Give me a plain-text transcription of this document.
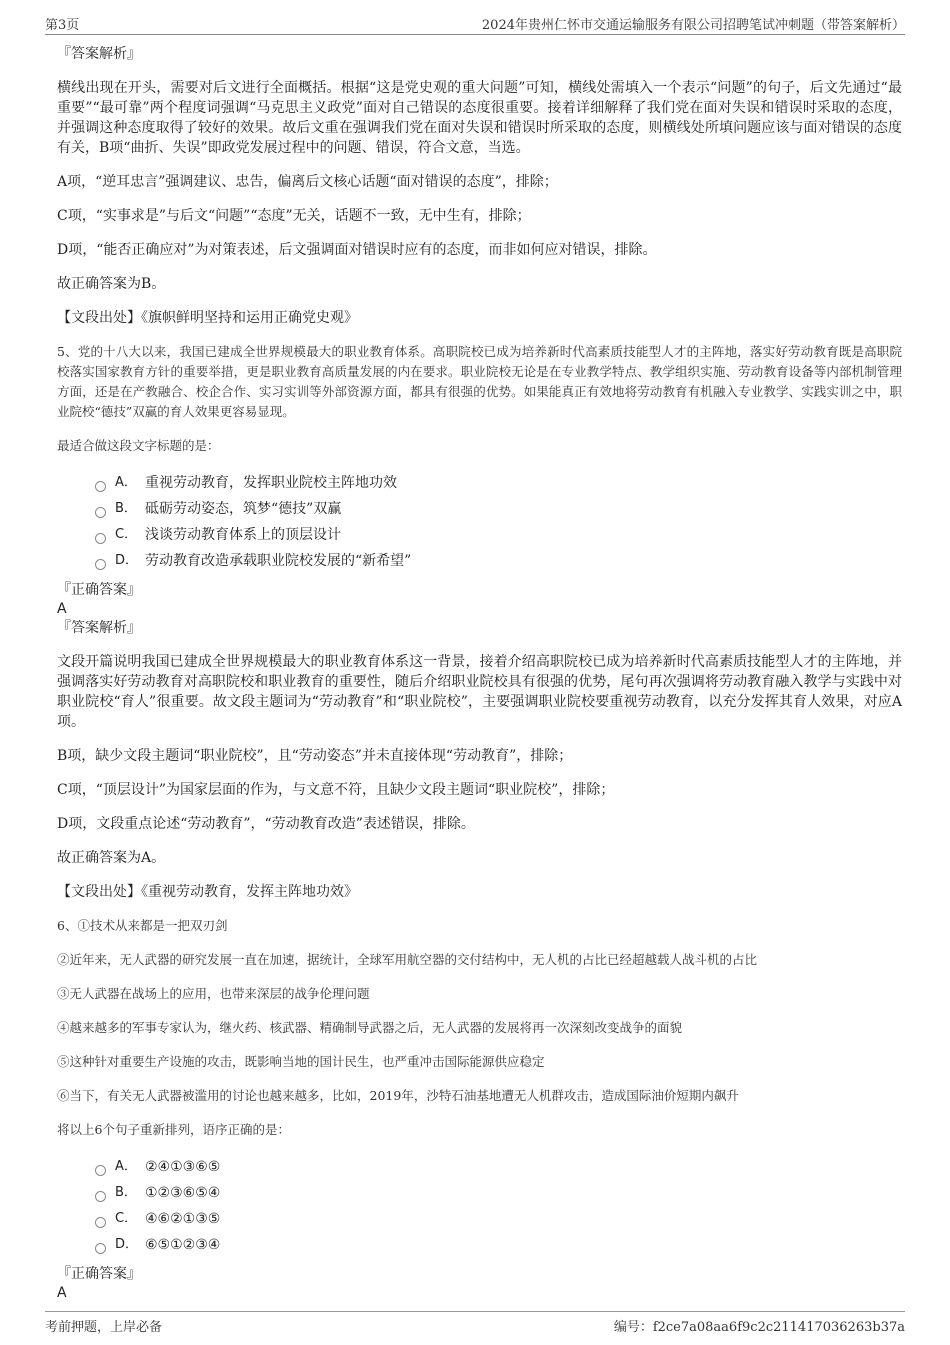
第3页	2024年贵州仁怀市交通运输服务有限公司招聘笔试冲刺题（带答案解析）
『答案解析』

横线出现在开头，需要对后文进行全面概括。根据“这是党史观的重大问题”可知，横线处需填入一个表示“问题”的句子，后文先通过“最重要”“最可靠”两个程度词强调“马克思主义政党”面对自己错误的态度很重要。接着详细解释了我们党在面对失误和错误时采取的态度，并强调这种态度取得了较好的效果。故后文重在强调我们党在面对失误和错误时所采取的态度，则横线处所填问题应该与面对错误的态度有关，B项“曲折、失误”即政党发展过程中的问题、错误，符合文意，当选。

A项，“逆耳忠言”强调建议、忠告，偏离后文核心话题“面对错误的态度”，排除；

C项，“实事求是”与后文“问题”“态度”无关，话题不一致，无中生有，排除；

D项，“能否正确应对”为对策表述，后文强调面对错误时应有的态度，而非如何应对错误，排除。

故正确答案为B。

【文段出处】《旗帜鲜明坚持和运用正确党史观》

5、党的十八大以来，我国已建成全世界规模最大的职业教育体系。高职院校已成为培养新时代高素质技能型人才的主阵地，落实好劳动教育既是高职院校落实国家教育方针的重要举措，更是职业教育高质量发展的内在要求。职业院校无论是在专业教学特点、教学组织实施、劳动教育设备等内部机制管理方面，还是在产教融合、校企合作、实习实训等外部资源方面，都具有很强的优势。如果能真正有效地将劳动教育有机融入专业教学、实践实训之中，职业院校“德技”双赢的育人效果更容易显现。

最适合做这段文字标题的是：

A． 重视劳动教育，发挥职业院校主阵地功效
B． 砥砺劳动姿态，筑梦“德技”双赢
C． 浅谈劳动教育体系上的顶层设计
D． 劳动教育改造承载职业院校发展的“新希望”
『正确答案』
A
『答案解析』

文段开篇说明我国已建成全世界规模最大的职业教育体系这一背景，接着介绍高职院校已成为培养新时代高素质技能型人才的主阵地，并强调落实好劳动教育对高职院校和职业教育的重要性，随后介绍职业院校具有很强的优势，尾句再次强调将劳动教育融入教学与实践中对职业院校“育人”很重要。故文段主题词为“劳动教育”和“职业院校”，主要强调职业院校要重视劳动教育，以充分发挥其育人效果，对应A项。

B项，缺少文段主题词“职业院校”，且“劳动姿态”并未直接体现“劳动教育”，排除；

C项，“顶层设计”为国家层面的作为，与文意不符，且缺少文段主题词“职业院校”，排除；

D项，文段重点论述“劳动教育”，“劳动教育改造”表述错误，排除。

故正确答案为A。

【文段出处】《重视劳动教育，发挥主阵地功效》

6、①技术从来都是一把双刃剑

②近年来，无人武器的研究发展一直在加速，据统计，全球军用航空器的交付结构中，无人机的占比已经超越载人战斗机的占比

③无人武器在战场上的应用，也带来深层的战争伦理问题

④越来越多的军事专家认为，继火药、核武器、精确制导武器之后，无人武器的发展将再一次深刻改变战争的面貌

⑤这种针对重要生产设施的攻击，既影响当地的国计民生，也严重冲击国际能源供应稳定

⑥当下，有关无人武器被滥用的讨论也越来越多，比如，2019年，沙特石油基地遭无人机群攻击，造成国际油价短期内飙升

将以上6个句子重新排列，语序正确的是：

A． ②④①③⑥⑤
B． ①②③⑥⑤④
C． ④⑥②①③⑤
D． ⑥⑤①②③④
『正确答案』
A
考前押题，上岸必备	编号：f2ce7a08aa6f9c2c211417036263b37a
